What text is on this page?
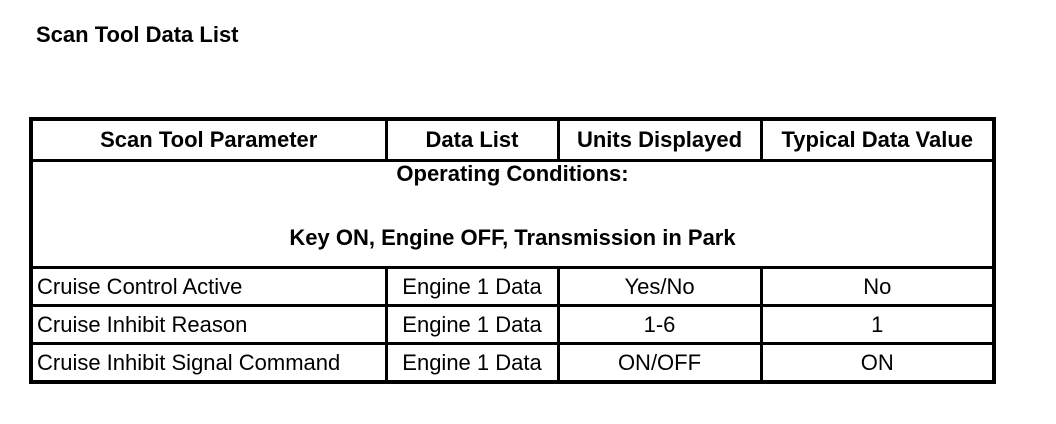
Scan Tool Data List
Scan Tool Parameter	Data List	Units Displayed	Typical Data Value
Operating Conditions:
Key ON, Engine OFF, Transmission in Park			

Cruise Control Active	Engine 1 Data	Yes/No	No
Cruise Inhibit Reason	Engine 1 Data	1-6	1
Cruise Inhibit Signal Command	Engine 1 Data	ON/OFF	ON
